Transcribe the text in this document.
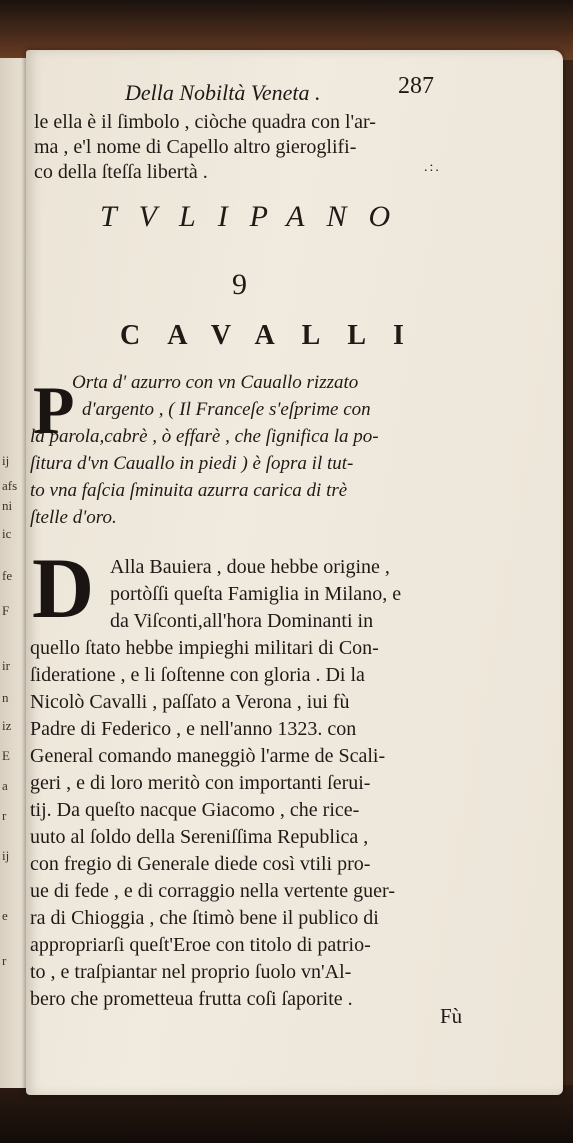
ij
afs
ni
ic
fe
F
ir
n
iz
E
a
r
ij
e
r
Della Nobiltà Veneta .	287
le ella è il ſimbolo , ciòche quadra con l'ar-
ma , e'l nome di Capello altro gieroglifi-
co della ſteſſa libertà .	.:.
TVLIPANO
9
CAVALLI
P
Orta d' azurro con vn Cauallo rizzato
d'argento , ( Il Franceſe s'eſprime con
la parola,cabrè , ò effarè , che ſignifica la po-
ſitura d'vn Cauallo in piedi ) è ſopra il tut-
to vna faſcia ſminuita azurra carica di trè
ſtelle d'oro.
D Alla Bauiera , doue hebbe origine ,
portòſſi queſta Famiglia in Milano, e
da Viſconti,all'hora Dominanti in
quello ſtato hebbe impieghi militari di Con-
ſideratione , e li ſoſtenne con gloria . Di la
Nicolò Cavalli , paſſato a Verona , iui fù
Padre di Federico , e nell'anno 1323. con
General comando maneggiò l'arme de Scali-
geri , e di loro meritò con importanti ſerui-
tij. Da queſto nacque Giacomo , che rice-
uuto al ſoldo della Sereniſſima Republica ,
con fregio di Generale diede così vtili pro-
ue di fede , e di corraggio nella vertente guer-
ra di Chioggia , che ſtimò bene il publico di
appropriarſi queſt'Eroe con titolo di patrio-
to , e traſpiantar nel proprio ſuolo vn'Al-
bero che prometteua frutta coſi ſaporite .
Fù
